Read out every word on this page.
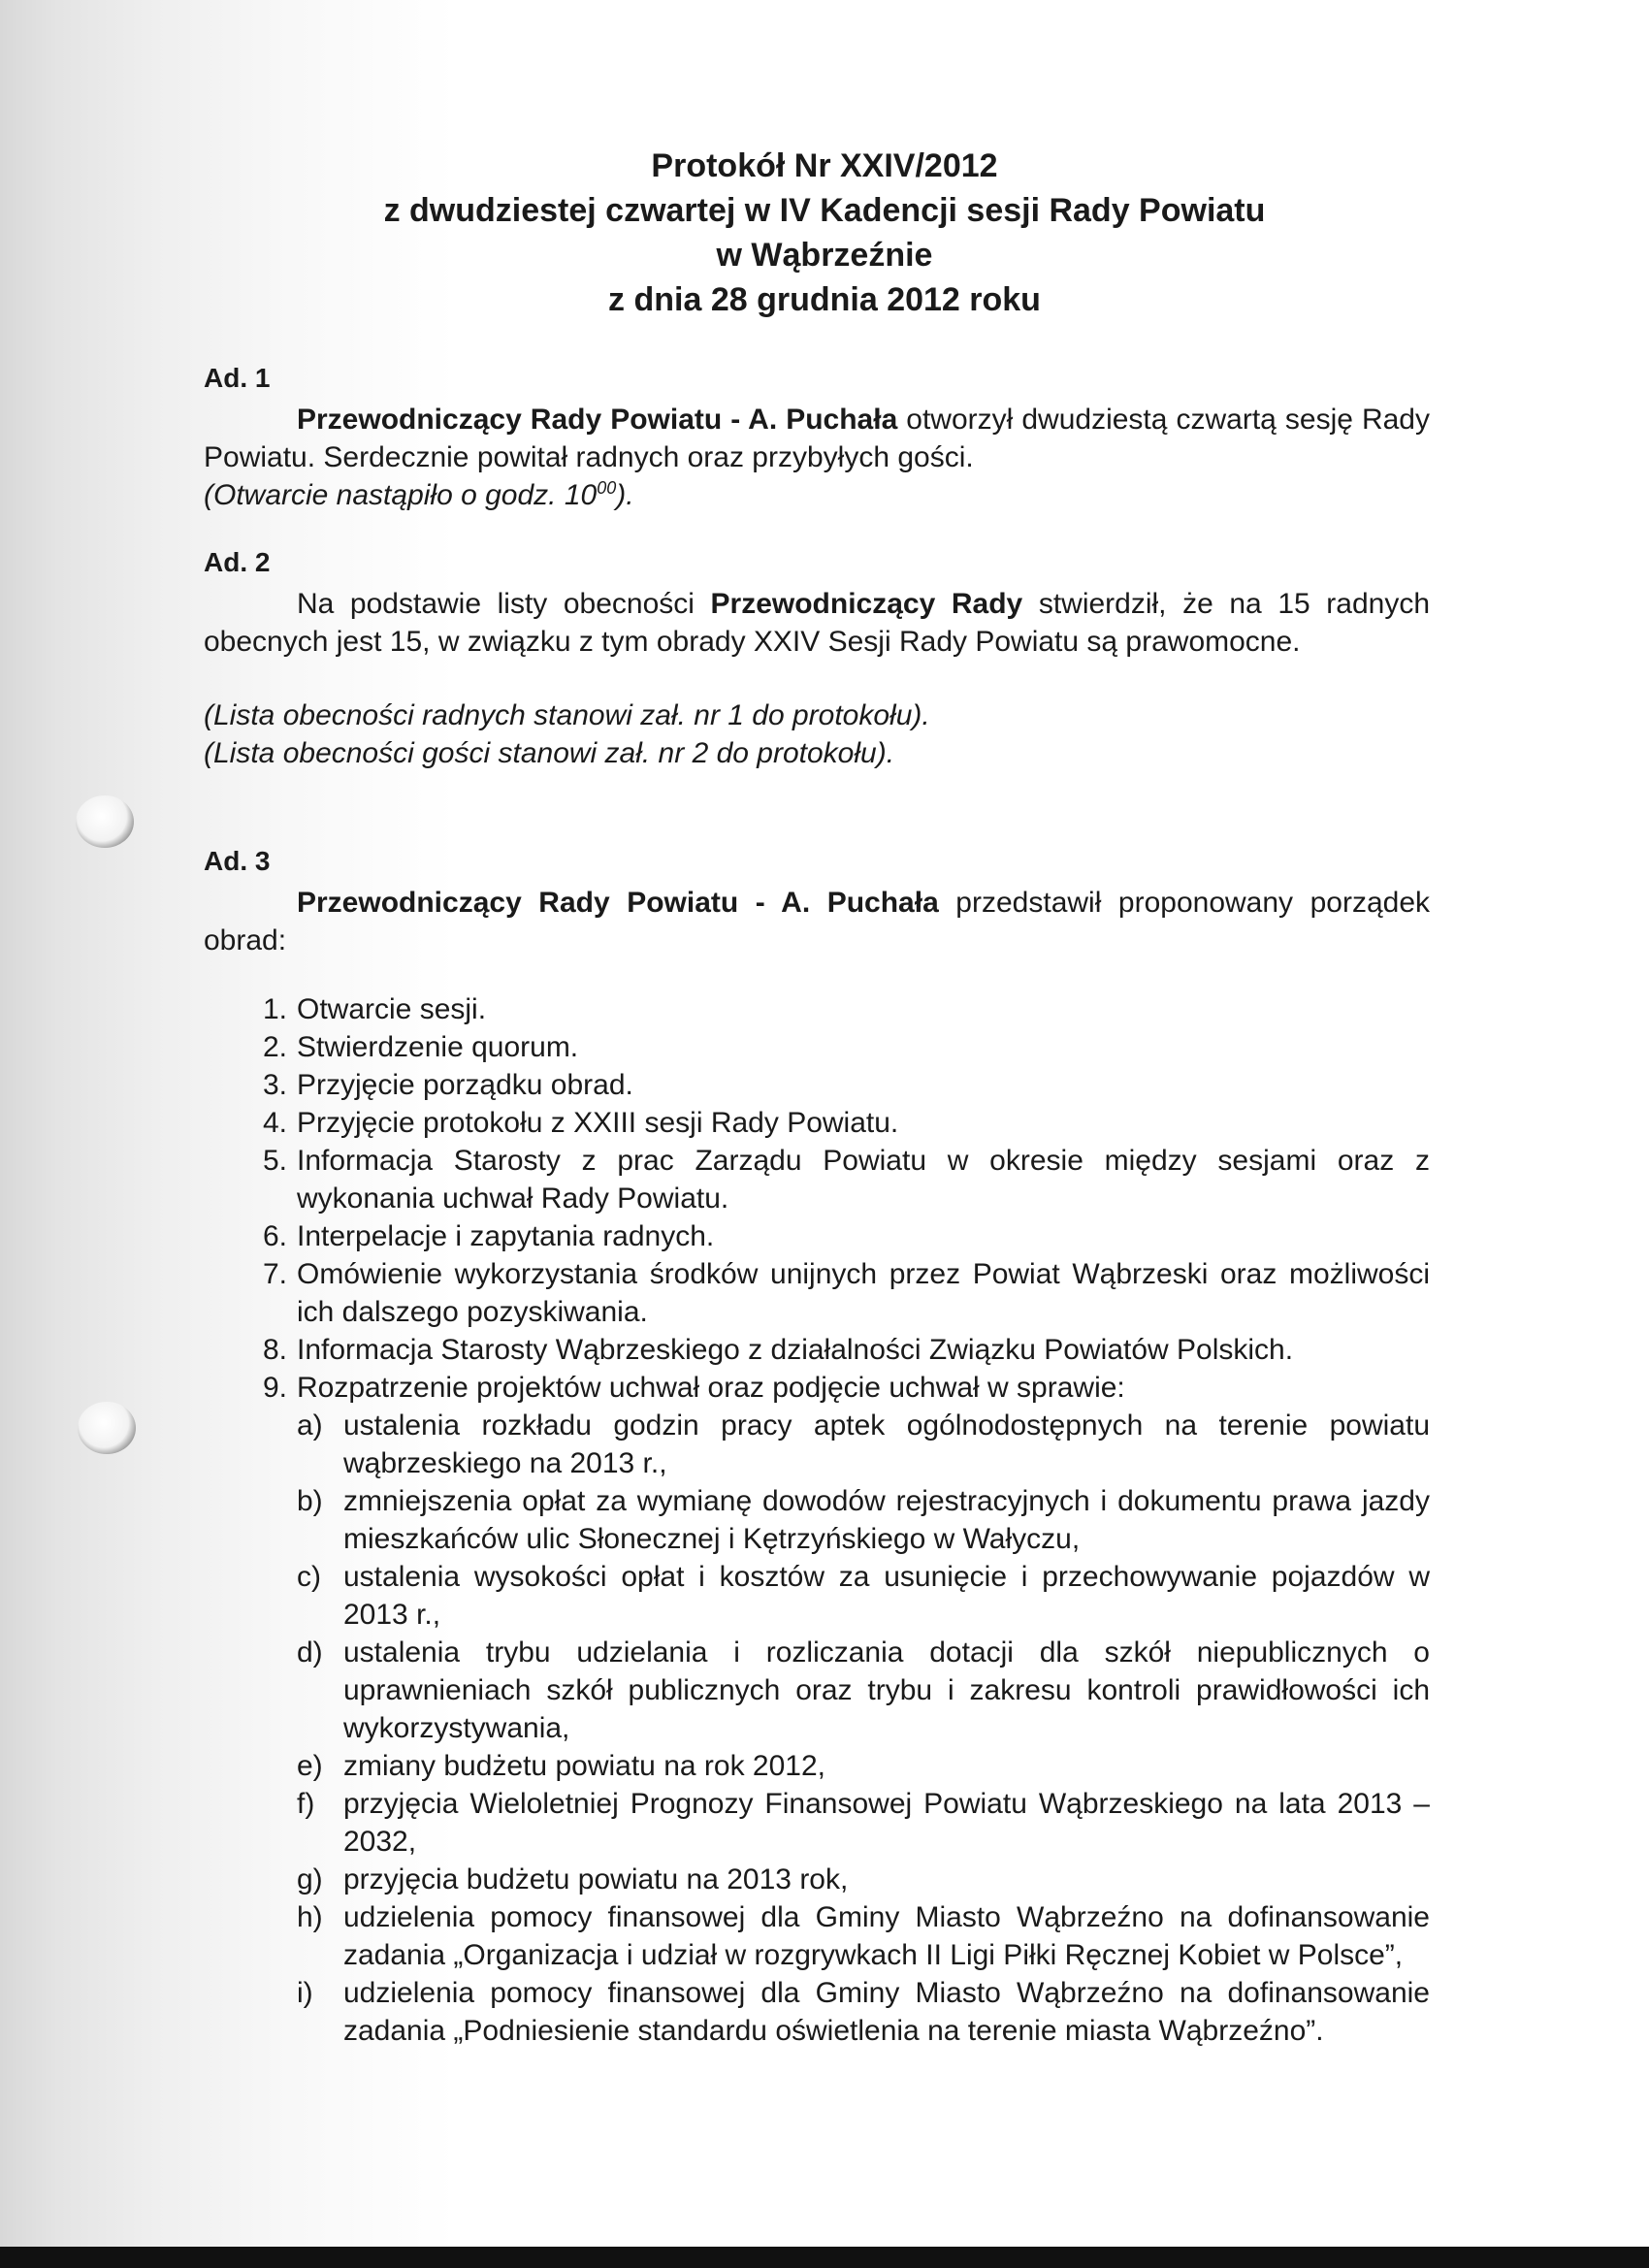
Protokół Nr XXIV/2012
z dwudziestej czwartej w IV Kadencji sesji Rady Powiatu
w Wąbrzeźnie
z dnia 28 grudnia 2012 roku
Ad. 1

Przewodniczący Rady Powiatu - A. Puchała otworzył dwudziestą czwartą sesję Rady Powiatu. Serdecznie powitał radnych oraz przybyłych gości.

(Otwarcie nastąpiło o godz. $10^{00}$).
Ad. 2

Na podstawie listy obecności Przewodniczący Rady stwierdził, że na 15 radnych obecnych jest 15, w związku z tym obrady XXIV Sesji Rady Powiatu są prawomocne.

(Lista obecności radnych stanowi zał. nr 1 do protokołu).
(Lista obecności gości stanowi zał. nr 2 do protokołu).
Ad. 3

Przewodniczący Rady Powiatu - A. Puchała przedstawił proponowany porządek obrad:

1. Otwarcie sesji.
2. Stwierdzenie quorum.
3. Przyjęcie porządku obrad.
4. Przyjęcie protokołu z XXIII sesji Rady Powiatu.
5. Informacja Starosty z prac Zarządu Powiatu w okresie między sesjami oraz z wykonania uchwał Rady Powiatu.
6. Interpelacje i zapytania radnych.
7. Omówienie wykorzystania środków unijnych przez Powiat Wąbrzeski oraz możliwości ich dalszego pozyskiwania.
8. Informacja Starosty Wąbrzeskiego z działalności Związku Powiatów Polskich.
9. Rozpatrzenie projektów uchwał oraz podjęcie uchwał w sprawie:
a) ustalenia rozkładu godzin pracy aptek ogólnodostępnych na terenie powiatu wąbrzeskiego na 2013 r.,
b) zmniejszenia opłat za wymianę dowodów rejestracyjnych i dokumentu prawa jazdy mieszkańców ulic Słonecznej i Kętrzyńskiego w Wałyczu,
c) ustalenia wysokości opłat i kosztów za usunięcie i przechowywanie pojazdów w 2013 r.,
d) ustalenia trybu udzielania i rozliczania dotacji dla szkół niepublicznych o uprawnieniach szkół publicznych oraz trybu i zakresu kontroli prawidłowości ich wykorzystywania,
e) zmiany budżetu powiatu na rok 2012,
f) przyjęcia Wieloletniej Prognozy Finansowej Powiatu Wąbrzeskiego na lata 2013 – 2032,
g) przyjęcia budżetu powiatu na 2013 rok,
h) udzielenia pomocy finansowej dla Gminy Miasto Wąbrzeźno na dofinansowanie zadania „Organizacja i udział w rozgrywkach II Ligi Piłki Ręcznej Kobiet w Polsce”,
i) udzielenia pomocy finansowej dla Gminy Miasto Wąbrzeźno na dofinansowanie zadania „Podniesienie standardu oświetlenia na terenie miasta Wąbrzeźno”.
